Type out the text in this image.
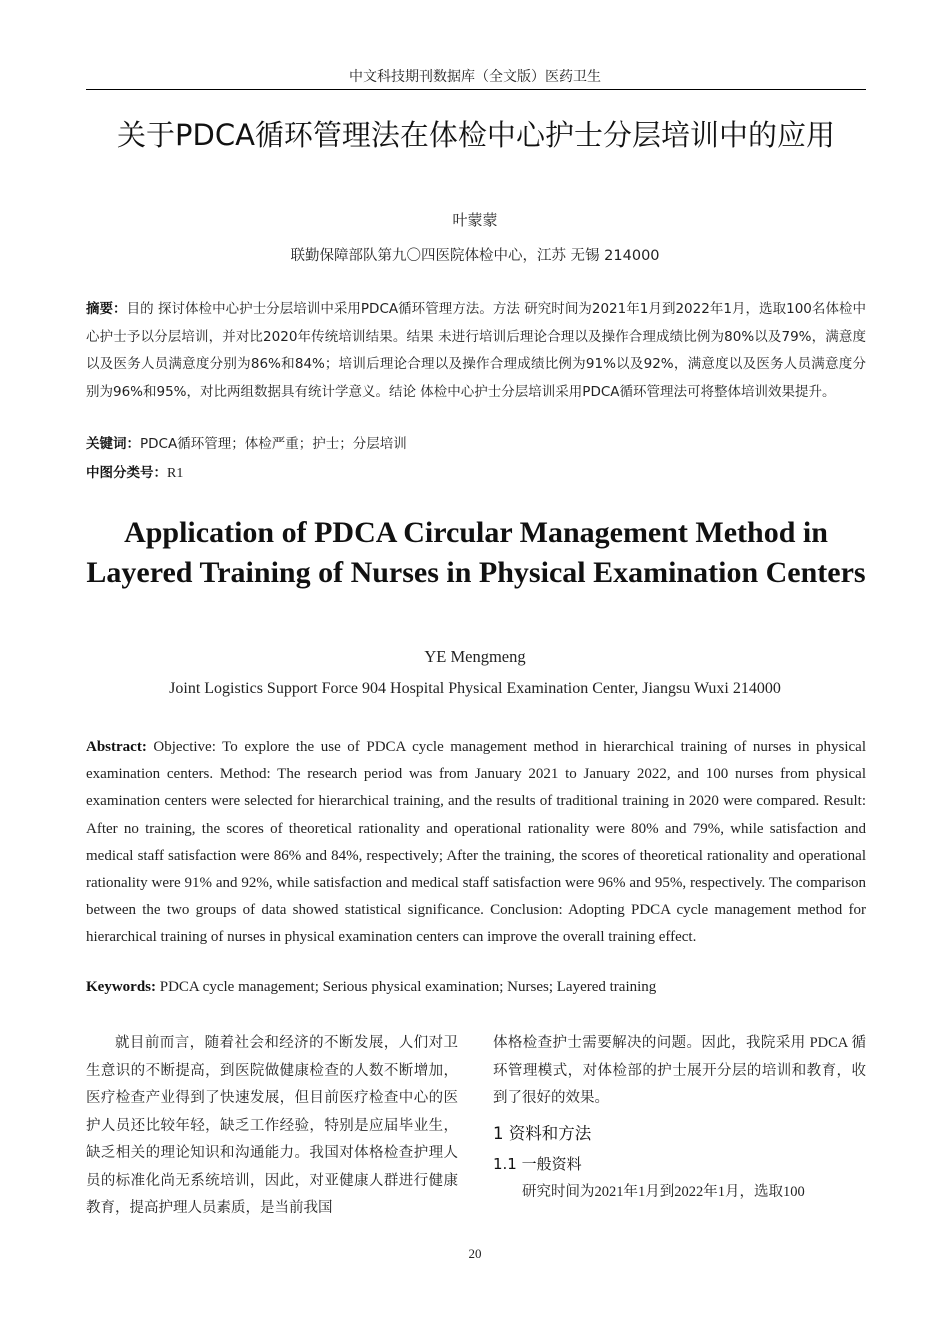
中文科技期刊数据库（全文版）医药卫生
关于PDCA循环管理法在体检中心护士分层培训中的应用
叶蒙蒙
联勤保障部队第九〇四医院体检中心，江苏 无锡 214000
摘要：目的 探讨体检中心护士分层培训中采用PDCA循环管理方法。方法 研究时间为2021年1月到2022年1月，选取100名体检中心护士予以分层培训，并对比2020年传统培训结果。结果 未进行培训后理论合理以及操作合理成绩比例为80%以及79%，满意度以及医务人员满意度分别为86%和84%；培训后理论合理以及操作合理成绩比例为91%以及92%，满意度以及医务人员满意度分别为96%和95%，对比两组数据具有统计学意义。结论 体检中心护士分层培训采用PDCA循环管理法可将整体培训效果提升。
关键词：PDCA循环管理；体检严重；护士；分层培训
中图分类号：R1
Application of PDCA Circular Management Method in Layered Training of Nurses in Physical Examination Centers
YE Mengmeng
Joint Logistics Support Force 904 Hospital Physical Examination Center, Jiangsu Wuxi 214000
Abstract: Objective: To explore the use of PDCA cycle management method in hierarchical training of nurses in physical examination centers. Method: The research period was from January 2021 to January 2022, and 100 nurses from physical examination centers were selected for hierarchical training, and the results of traditional training in 2020 were compared. Result: After no training, the scores of theoretical rationality and operational rationality were 80% and 79%, while satisfaction and medical staff satisfaction were 86% and 84%, respectively; After the training, the scores of theoretical rationality and operational rationality were 91% and 92%, while satisfaction and medical staff satisfaction were 96% and 95%, respectively. The comparison between the two groups of data showed statistical significance. Conclusion: Adopting PDCA cycle management method for hierarchical training of nurses in physical examination centers can improve the overall training effect.
Keywords: PDCA cycle management; Serious physical examination; Nurses; Layered training

就目前而言，随着社会和经济的不断发展，人们对卫生意识的不断提高，到医院做健康检查的人数不断增加，医疗检查产业得到了快速发展，但目前医疗检查中心的医护人员还比较年轻，缺乏工作经验，特别是应届毕业生，缺乏相关的理论知识和沟通能力。我国对体格检查护理人员的标准化尚无系统培训，因此，对亚健康人群进行健康教育，提高护理人员素质，是当前我国

体格检查护士需要解决的问题。因此，我院采用 PDCA 循环管理模式，对体检部的护士展开分层的培训和教育，收到了很好的效果。

1 资料和方法

1.1 一般资料

研究时间为2021年1月到2022年1月，选取100

20
